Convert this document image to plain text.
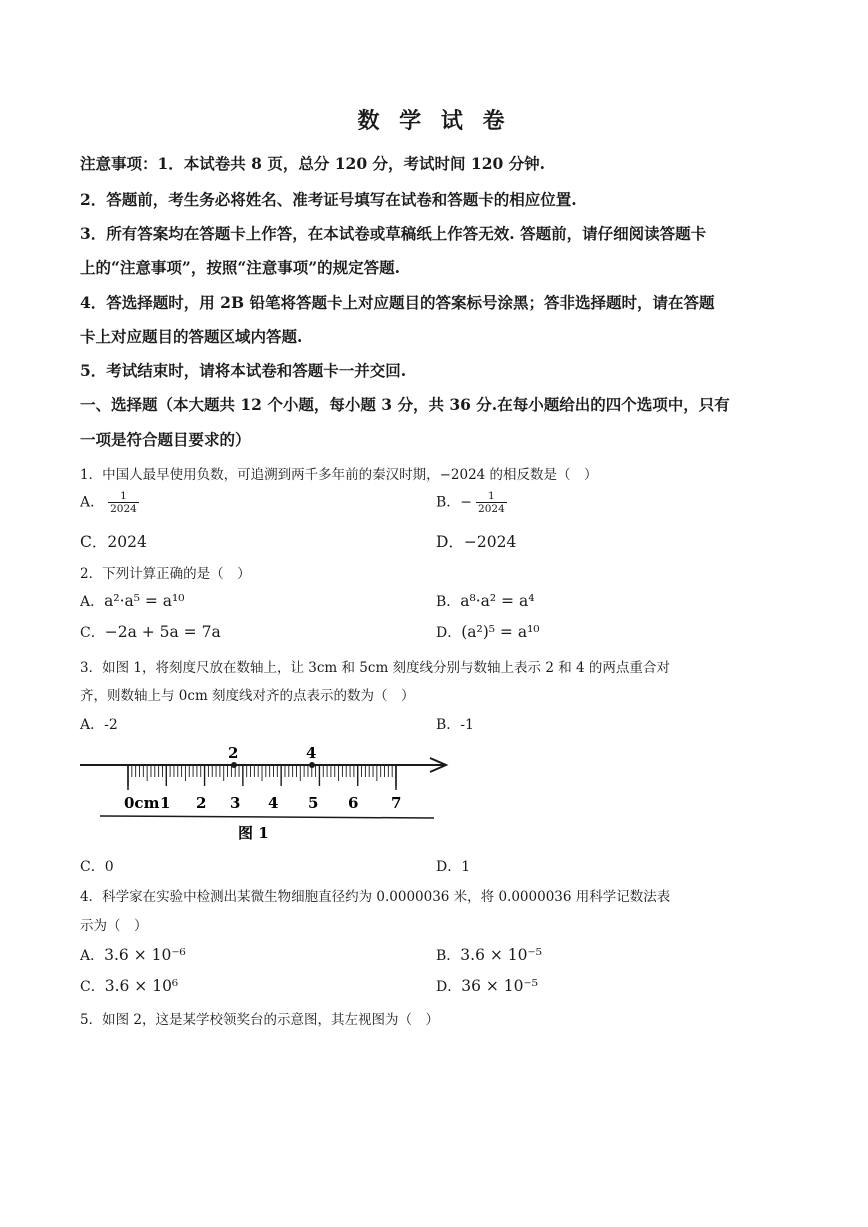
数 学 试 卷
注意事项：1．本试卷共 8 页，总分 120 分，考试时间 120 分钟.
2．答题前，考生务必将姓名、准考证号填写在试卷和答题卡的相应位置.
3．所有答案均在答题卡上作答，在本试卷或草稿纸上作答无效. 答题前，请仔细阅读答题卡
上的“注意事项”，按照“注意事项”的规定答题.
4．答选择题时，用 2B 铅笔将答题卡上对应题目的答案标号涂黑；答非选择题时，请在答题
卡上对应题目的答题区域内答题.
5．考试结束时，请将本试卷和答题卡一并交回.
一、选择题（本大题共 12 个小题，每小题 3 分，共 36 分.在每小题给出的四个选项中，只有
一项是符合题目要求的）
1．中国人最早使用负数，可追溯到两千多年前的秦汉时期，−2024 的相反数是（　）
A． $\frac{1}{2024}$	B．− $\frac{1}{2024}$
C．2024	D．−2024
2．下列计算正确的是（　）
A．a²·a⁵ = a¹⁰	B．a⁸·a² = a⁴
C．−2a + 5a = 7a	D．(a²)⁵ = a¹⁰
3．如图 1，将刻度尺放在数轴上，让 3cm 和 5cm 刻度线分别与数轴上表示 2 和 4 的两点重合对
齐，则数轴上与 0cm 刻度线对齐的点表示的数为（　）
A．-2	B．-1
2	4
0cm 1 2 3 4 5 6 7
图 1
C．0	D．1
4．科学家在实验中检测出某微生物细胞直径约为 0.0000036 米，将 0.0000036 用科学记数法表
示为（　）
A．3.6 × 10⁻⁶	B．3.6 × 10⁻⁵
C．3.6 × 10⁶	D．36 × 10⁻⁵
5．如图 2，这是某学校领奖台的示意图，其左视图为（　）
